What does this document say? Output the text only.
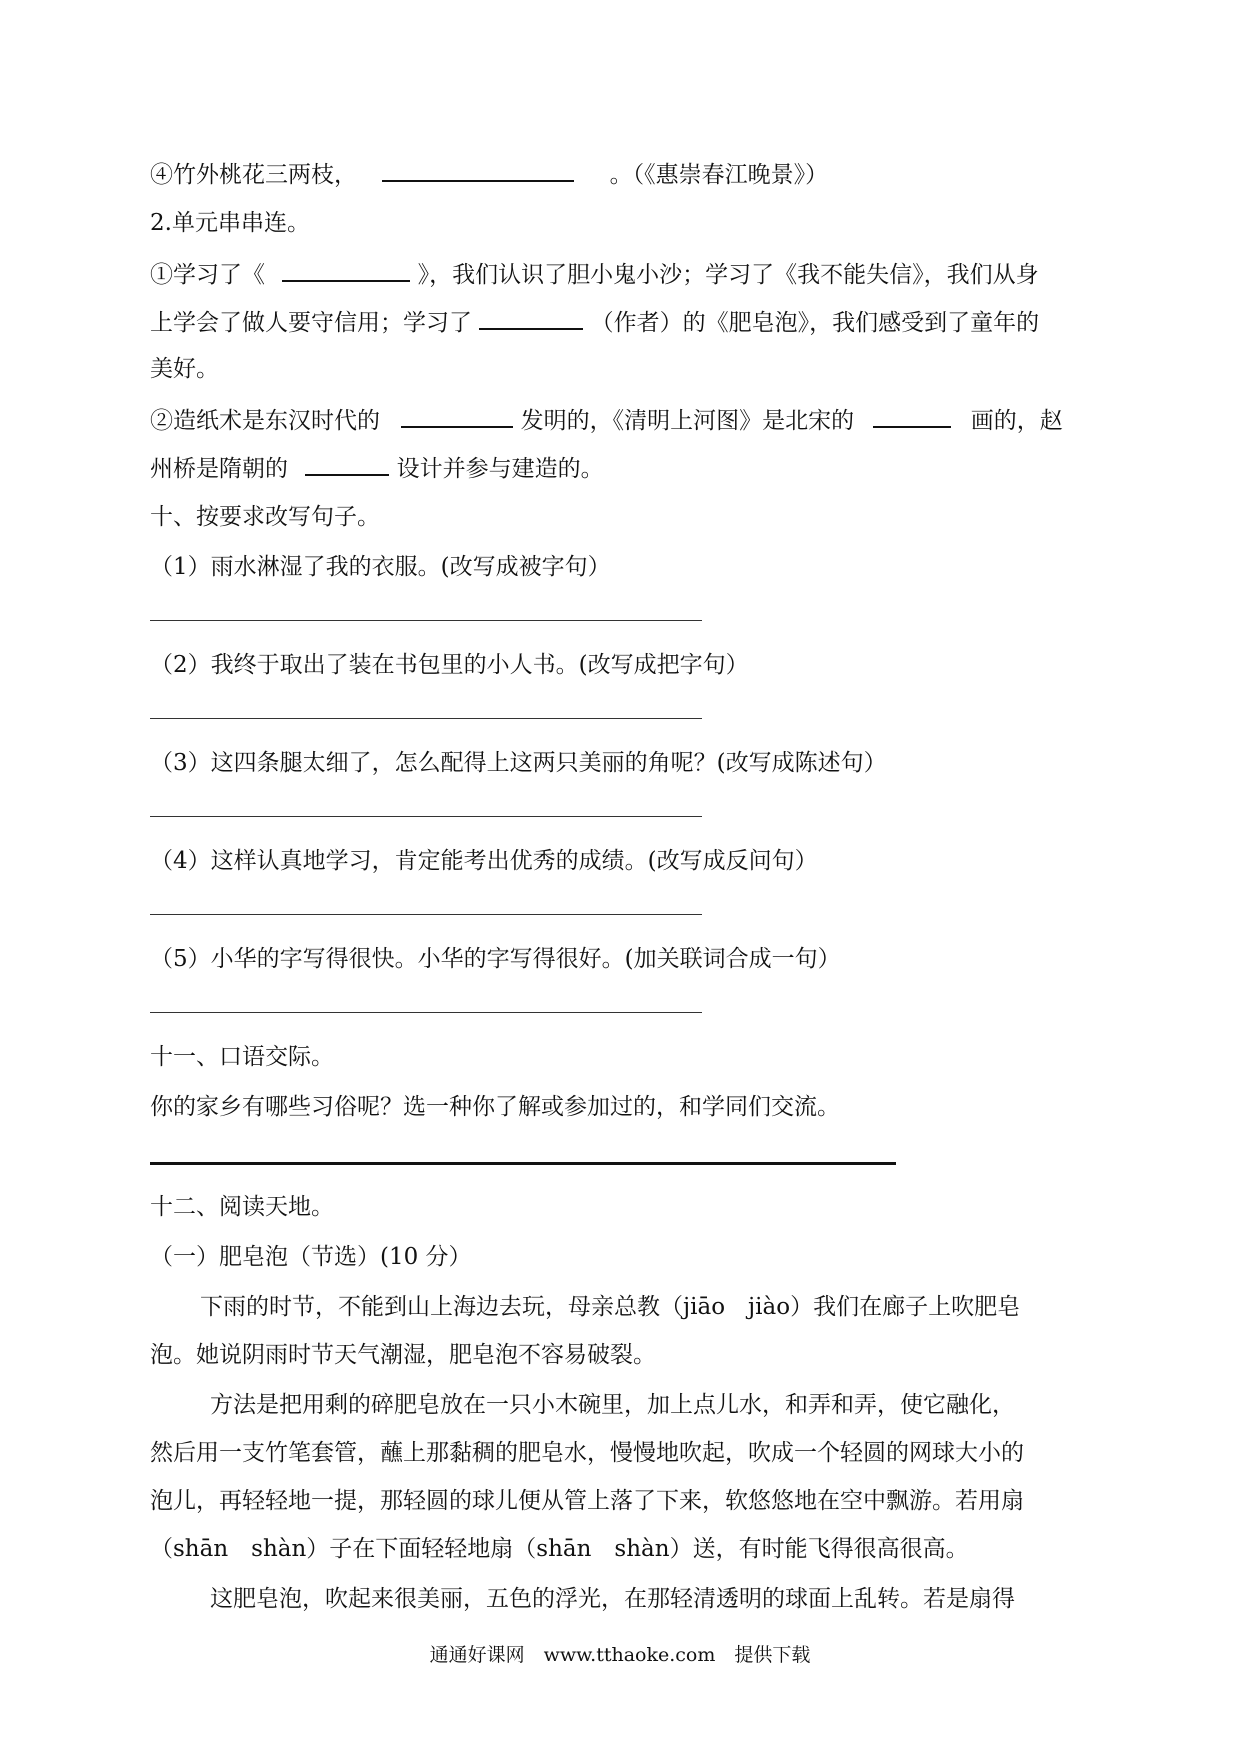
④竹外桃花三两枝，	。（《惠崇春江晚景》）
2.单元串串连。
①学习了《	》，我们认识了胆小鬼小沙；学习了《我不能失信》，我们从身
上学会了做人要守信用；学习了	（作者）的《肥皂泡》，我们感受到了童年的
美好。
②造纸术是东汉时代的	发明的，《清明上河图》是北宋的	画的，赵
州桥是隋朝的	设计并参与建造的。
十、按要求改写句子。
（1）雨水淋湿了我的衣服。(改写成被字句）
（2）我终于取出了装在书包里的小人书。(改写成把字句）
（3）这四条腿太细了，怎么配得上这两只美丽的角呢？(改写成陈述句）
（4）这样认真地学习，肯定能考出优秀的成绩。(改写成反问句）
（5）小华的字写得很快。小华的字写得很好。(加关联词合成一句）
十一、口语交际。
你的家乡有哪些习俗呢？选一种你了解或参加过的，和学同们交流。
十二、阅读天地。
（一）肥皂泡（节选）(10 分）
下雨的时节，不能到山上海边去玩，母亲总教（jiāo　jiào）我们在廊子上吹肥皂
泡。她说阴雨时节天气潮湿，肥皂泡不容易破裂。
方法是把用剩的碎肥皂放在一只小木碗里，加上点儿水，和弄和弄，使它融化，
然后用一支竹笔套管，蘸上那黏稠的肥皂水，慢慢地吹起，吹成一个轻圆的网球大小的
泡儿，再轻轻地一提，那轻圆的球儿便从管上落了下来，软悠悠地在空中飘游。若用扇
（shān　shàn）子在下面轻轻地扇（shān　shàn）送，有时能飞得很高很高。
这肥皂泡，吹起来很美丽，五色的浮光，在那轻清透明的球面上乱转。若是扇得
通通好课网　www.tthaoke.com　提供下载
